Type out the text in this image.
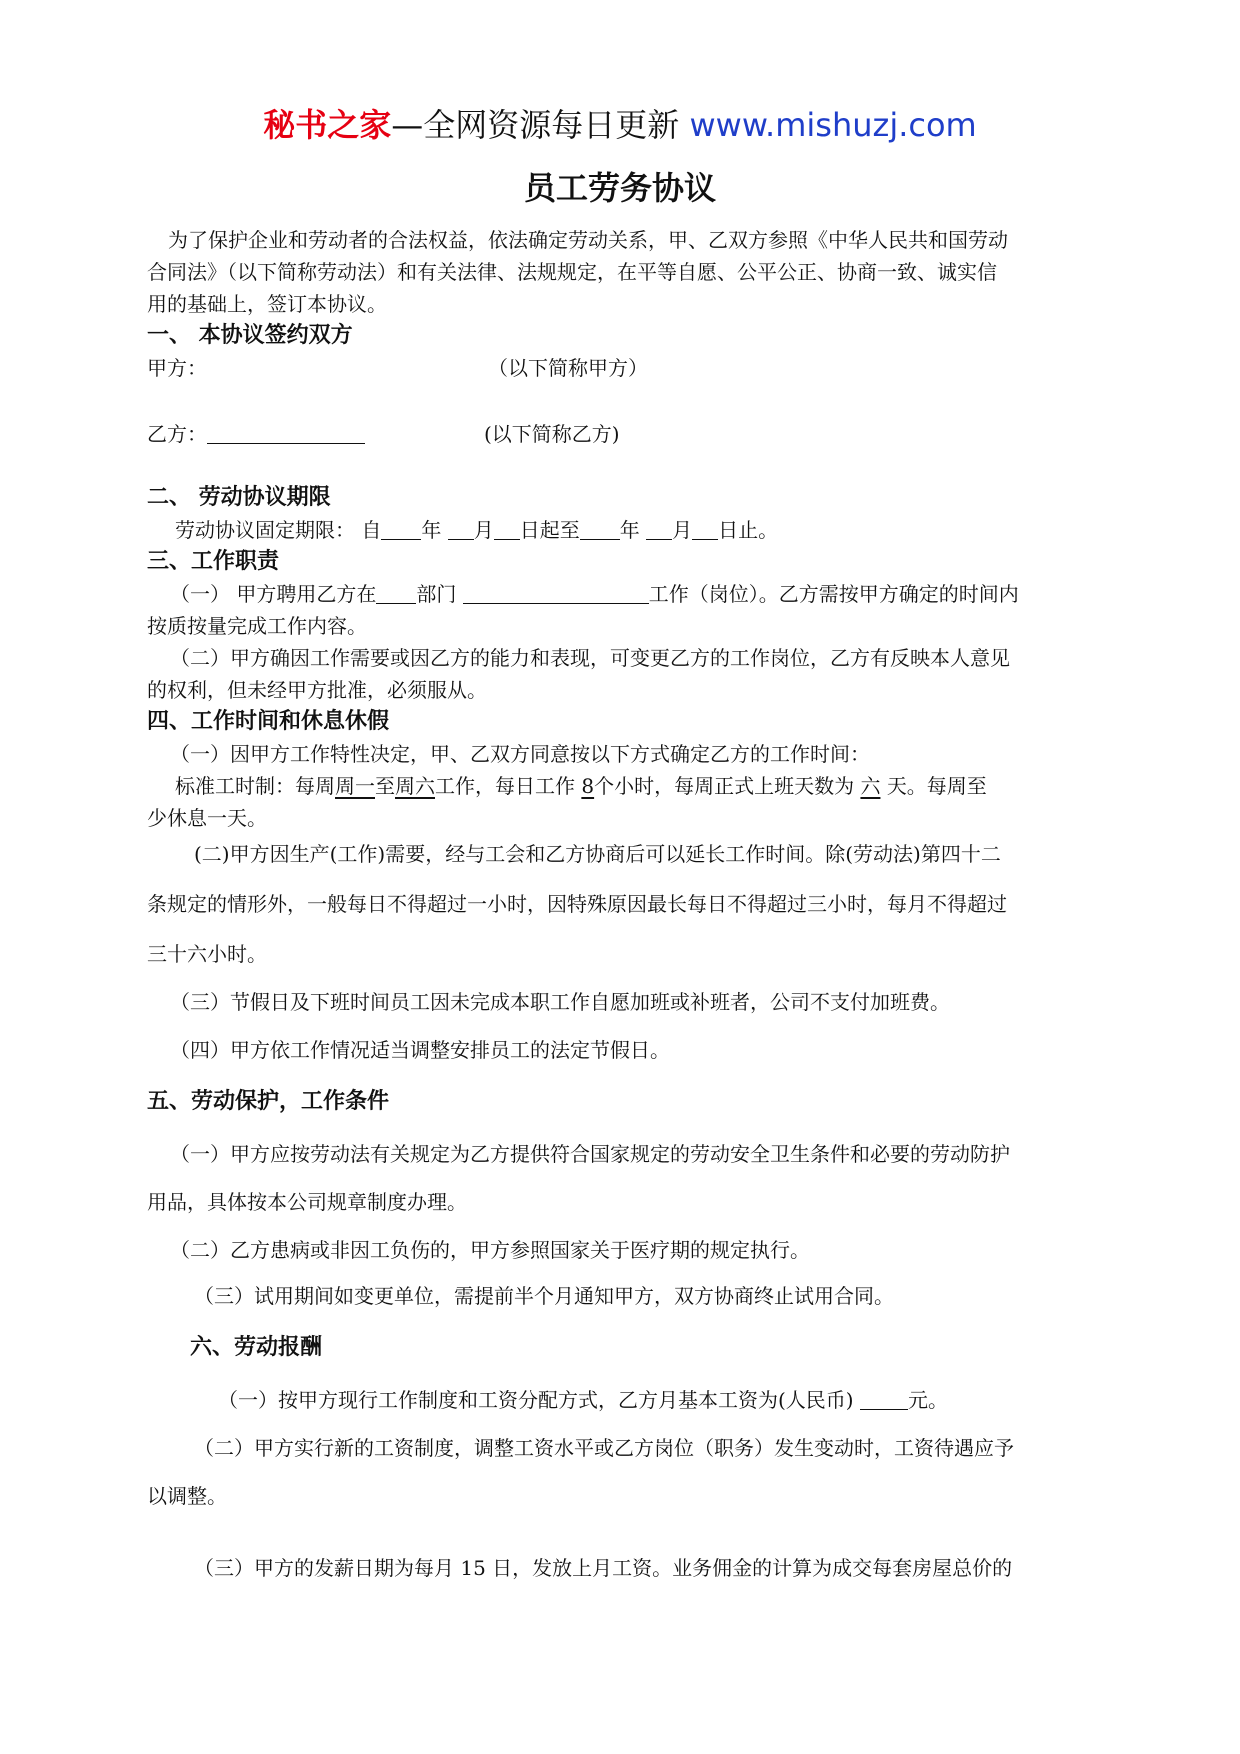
秘书之家—全网资源每日更新 www.mishuzj.com
员工劳务协议
为了保护企业和劳动者的合法权益，依法确定劳动关系，甲、乙双方参照《中华人民共和国劳动
合同法》（以下简称劳动法）和有关法律、法规规定，在平等自愿、公平公正、协商一致、诚实信
用的基础上，签订本协议。
一、 本协议签约双方
甲方：	（以下简称甲方）
乙方：	(以下简称乙方)
二、 劳动协议期限
劳动协议固定期限： 自 年 月 日起至 年 月 日止。
三、工作职责
（一） 甲方聘用乙方在 部门	工作（岗位）。乙方需按甲方确定的时间内
按质按量完成工作内容。
（二）甲方确因工作需要或因乙方的能力和表现，可变更乙方的工作岗位，乙方有反映本人意见
的权利，但未经甲方批准，必须服从。
四、工作时间和休息休假
（一）因甲方工作特性决定，甲、乙双方同意按以下方式确定乙方的工作时间：
标准工时制：每周周一至周六工作，每日工作 8个小时，每周正式上班天数为 六 天。每周至
少休息一天。
(二)甲方因生产(工作)需要，经与工会和乙方协商后可以延长工作时间。除(劳动法)第四十二
条规定的情形外，一般每日不得超过一小时，因特殊原因最长每日不得超过三小时，每月不得超过
三十六小时。
（三）节假日及下班时间员工因未完成本职工作自愿加班或补班者，公司不支付加班费。
（四）甲方依工作情况适当调整安排员工的法定节假日。
五、劳动保护，工作条件
（一）甲方应按劳动法有关规定为乙方提供符合国家规定的劳动安全卫生条件和必要的劳动防护
用品，具体按本公司规章制度办理。
（二）乙方患病或非因工负伤的，甲方参照国家关于医疗期的规定执行。
（三）试用期间如变更单位，需提前半个月通知甲方，双方协商终止试用合同。
六、劳动报酬
（一）按甲方现行工作制度和工资分配方式，乙方月基本工资为(人民币)	元。
（二）甲方实行新的工资制度，调整工资水平或乙方岗位（职务）发生变动时，工资待遇应予
以调整。
（三）甲方的发薪日期为每月 15 日，发放上月工资。业务佣金的计算为成交每套房屋总价的
